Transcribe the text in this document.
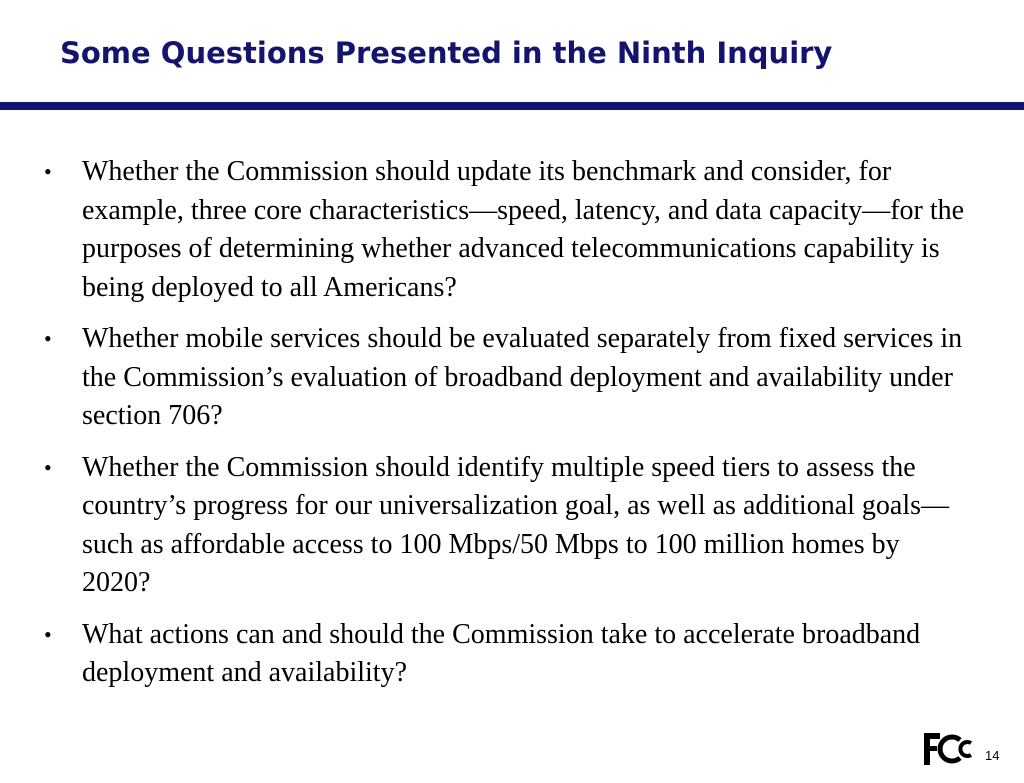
Some Questions Presented in the Ninth Inquiry
• Whether the Commission should update its benchmark and consider, for example, three core characteristics—speed, latency, and data capacity—for the purposes of determining whether advanced telecommunications capability is being deployed to all Americans?
• Whether mobile services should be evaluated separately from fixed services in the Commission’s evaluation of broadband deployment and availability under section 706?
• Whether the Commission should identify multiple speed tiers to assess the country’s progress for our universalization goal, as well as additional goals—such as affordable access to 100 Mbps/50 Mbps to 100 million homes by 2020?
• What actions can and should the Commission take to accelerate broadband deployment and availability?
14
